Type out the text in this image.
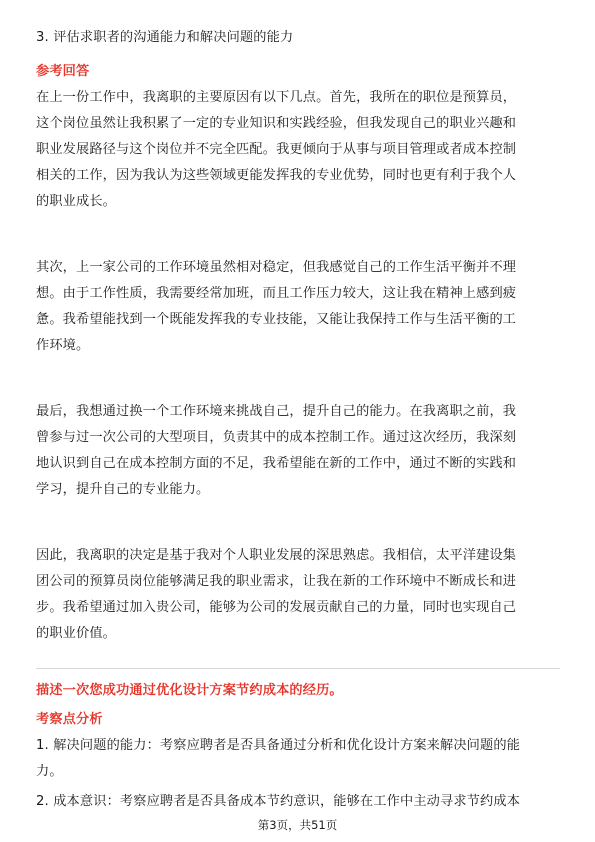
3. 评估求职者的沟通能力和解决问题的能力
参考回答
在上一份工作中，我离职的主要原因有以下几点。首先，我所在的职位是预算员，
这个岗位虽然让我积累了一定的专业知识和实践经验，但我发现自己的职业兴趣和
职业发展路径与这个岗位并不完全匹配。我更倾向于从事与项目管理或者成本控制
相关的工作，因为我认为这些领域更能发挥我的专业优势，同时也更有利于我个人
的职业成长。
其次，上一家公司的工作环境虽然相对稳定，但我感觉自己的工作生活平衡并不理
想。由于工作性质，我需要经常加班，而且工作压力较大，这让我在精神上感到疲
惫。我希望能找到一个既能发挥我的专业技能，又能让我保持工作与生活平衡的工
作环境。
最后，我想通过换一个工作环境来挑战自己，提升自己的能力。在我离职之前，我
曾参与过一次公司的大型项目，负责其中的成本控制工作。通过这次经历，我深刻
地认识到自己在成本控制方面的不足，我希望能在新的工作中，通过不断的实践和
学习，提升自己的专业能力。
因此，我离职的决定是基于我对个人职业发展的深思熟虑。我相信，太平洋建设集
团公司的预算员岗位能够满足我的职业需求，让我在新的工作环境中不断成长和进
步。我希望通过加入贵公司，能够为公司的发展贡献自己的力量，同时也实现自己
的职业价值。
描述一次您成功通过优化设计方案节约成本的经历。
考察点分析
1. 解决问题的能力：考察应聘者是否具备通过分析和优化设计方案来解决问题的能
力。
2. 成本意识：考察应聘者是否具备成本节约意识，能够在工作中主动寻求节约成本
第3页，共51页
